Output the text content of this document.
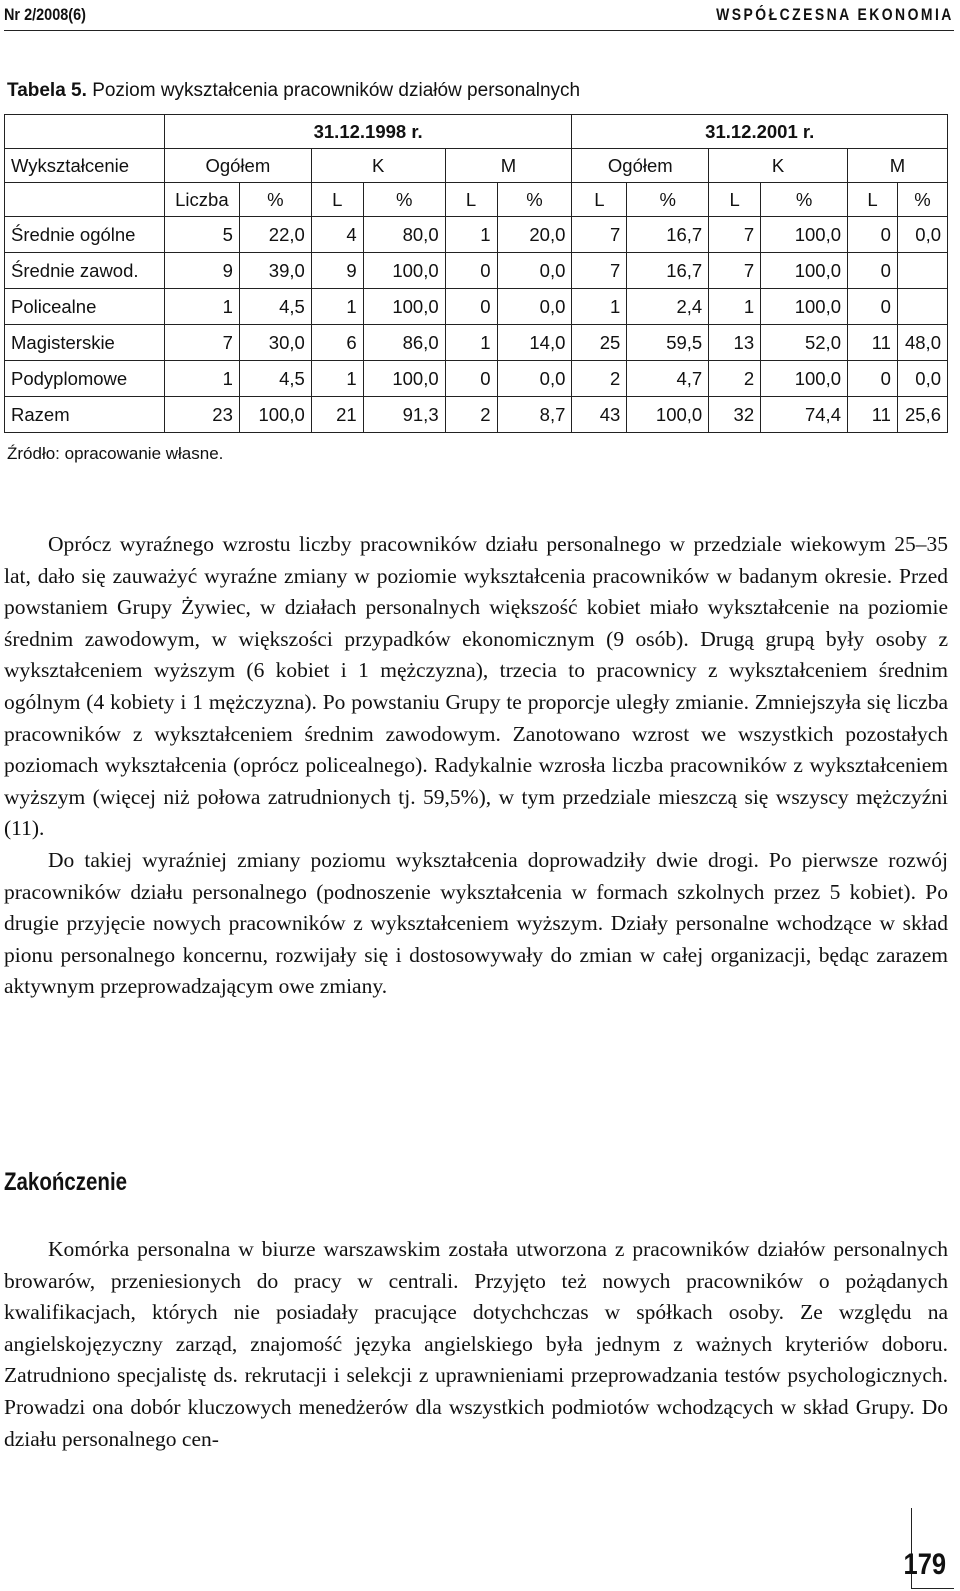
Nr 2/2008(6)	WSPÓŁCZESNA EKONOMIA
Tabela 5. Poziom wykształcenia pracowników działów personalnych
	31.12.1998 r.						31.12.2001 r.					
Wykształcenie	Ogółem		K		M		Ogółem		K		M	
	Liczba	%	L	%	L	%	L	%	L	%	L	%
Średnie ogólne	5	22,0	4	80,0	1	20,0	7	16,7	7	100,0	0	0,0
Średnie zawod.	9	39,0	9	100,0	0	0,0	7	16,7	7	100,0	0	
Policealne	1	4,5	1	100,0	0	0,0	1	2,4	1	100,0	0	
Magisterskie	7	30,0	6	86,0	1	14,0	25	59,5	13	52,0	11	48,0
Podyplomowe	1	4,5	1	100,0	0	0,0	2	4,7	2	100,0	0	0,0
Razem	23	100,0	21	91,3	2	8,7	43	100,0	32	74,4	11	25,6
Źródło: opracowanie własne.

Oprócz wyraźnego wzrostu liczby pracowników działu personalnego w przedziale wiekowym 25–35 lat, dało się zauważyć wyraźne zmiany w poziomie wykształcenia pracowników w badanym okresie. Przed powstaniem Grupy Żywiec, w działach personalnych większość kobiet miało wykształcenie na poziomie średnim zawodowym, w większości przypadków ekonomicznym (9 osób). Drugą grupą były osoby z wykształceniem wyższym (6 kobiet i 1 mężczyzna), trzecia to pracownicy z wykształceniem średnim ogólnym (4 kobiety i 1 mężczyzna). Po powstaniu Grupy te proporcje uległy zmianie. Zmniejszyła się liczba pracowników z wykształceniem średnim zawodowym. Zanotowano wzrost we wszystkich pozostałych poziomach wykształcenia (oprócz policealnego). Radykalnie wzrosła liczba pracowników z wykształceniem wyższym (więcej niż połowa zatrudnionych tj. 59,5%), w tym przedziale mieszczą się wszyscy mężczyźni (11).

Do takiej wyraźniej zmiany poziomu wykształcenia doprowadziły dwie drogi. Po pierwsze rozwój pracowników działu personalnego (podnoszenie wykształcenia w formach szkolnych przez 5 kobiet). Po drugie przyjęcie nowych pracowników z wykształceniem wyższym. Działy personalne wchodzące w skład pionu personalnego koncernu, rozwijały się i dostosowywały do zmian w całej organizacji, będąc zarazem aktywnym przeprowadzającym owe zmiany.

Zakończenie

Komórka personalna w biurze warszawskim została utworzona z pracowników działów personalnych browarów, przeniesionych do pracy w centrali. Przyjęto też nowych pracowników o pożądanych kwalifikacjach, których nie posiadały pracujące dotychchczas w spółkach osoby. Ze względu na angielskojęzyczny zarząd, znajomość języka angielskiego była jednym z ważnych kryteriów doboru. Zatrudniono specjalistę ds. rekrutacji i selekcji z uprawnieniami przeprowadzania testów psychologicznych. Prowadzi ona dobór kluczowych menedżerów dla wszystkich podmiotów wchodzących w skład Grupy. Do działu personalnego cen-

179
